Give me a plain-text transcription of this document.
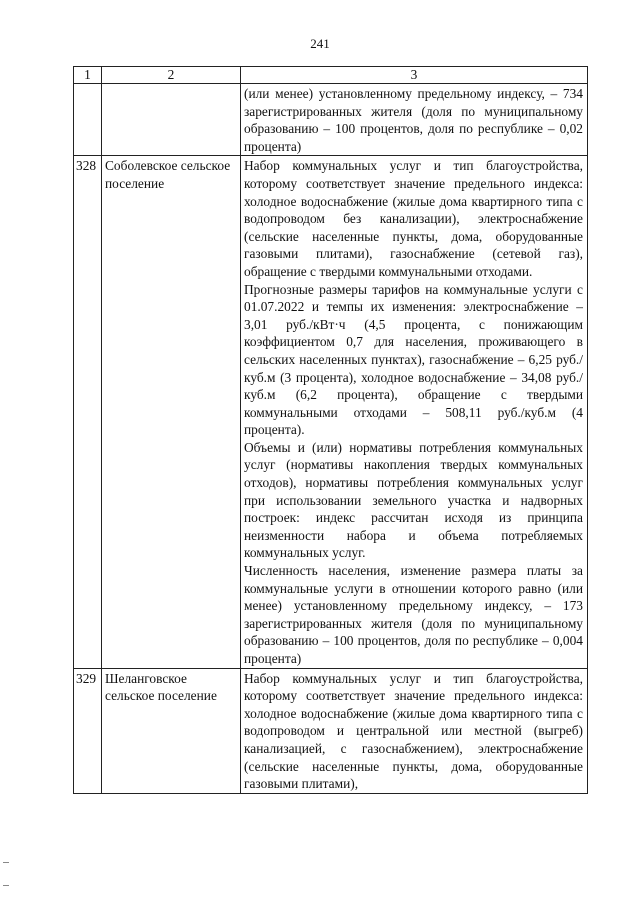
241
1	2	3

		(или менее) установленному предельному индексу, – 734 зарегистрированных жителя (доля по муниципальному образованию – 100 процентов, доля по республике – 0,02 процента)

328	Соболевское сельское поселение	Набор коммунальных услуг и тип благоустройства, которому соответствует значение предельного индекса: холодное водоснабжение (жилые дома квартирного типа с водопроводом без канализации), электроснабжение (сельские населенные пункты, дома, оборудованные газовыми плитами), газоснабжение (сетевой газ), обращение с твердыми коммунальными отходами.

Прогнозные размеры тарифов на коммунальные услуги с 01.07.2022 и темпы их изменения: электроснабжение – 3,01 руб./кВт·ч (4,5 процента, с понижающим коэффициентом 0,7 для населения, проживающего в сельских населенных пунктах), газоснабжение – 6,25 руб./куб.м (3 процента), холодное водоснабжение – 34,08 руб./куб.м (6,2 процента), обращение с твердыми коммунальными отходами – 508,11 руб./куб.м (4 процента).

Объемы и (или) нормативы потребления коммунальных услуг (нормативы накопления твердых коммунальных отходов), нормативы потребления коммунальных услуг при использовании земельного участка и надворных построек: индекс рассчитан исходя из принципа неизменности набора и объема потребляемых коммунальных услуг.

Численность населения, изменение размера платы за коммунальные услуги в отношении которого равно (или менее) установленному предельному индексу, – 173 зарегистрированных жителя (доля по муниципальному образованию – 100 процентов, доля по республике – 0,004 процента)

329	Шеланговское сельское поселение	Набор коммунальных услуг и тип благоустройства, которому соответствует значение предельного индекса: холодное водоснабжение (жилые дома квартирного типа с водопроводом и центральной или местной (выгреб) канализацией, с газоснабжением), электроснабжение (сельские населенные пункты, дома, оборудованные газовыми плитами),
